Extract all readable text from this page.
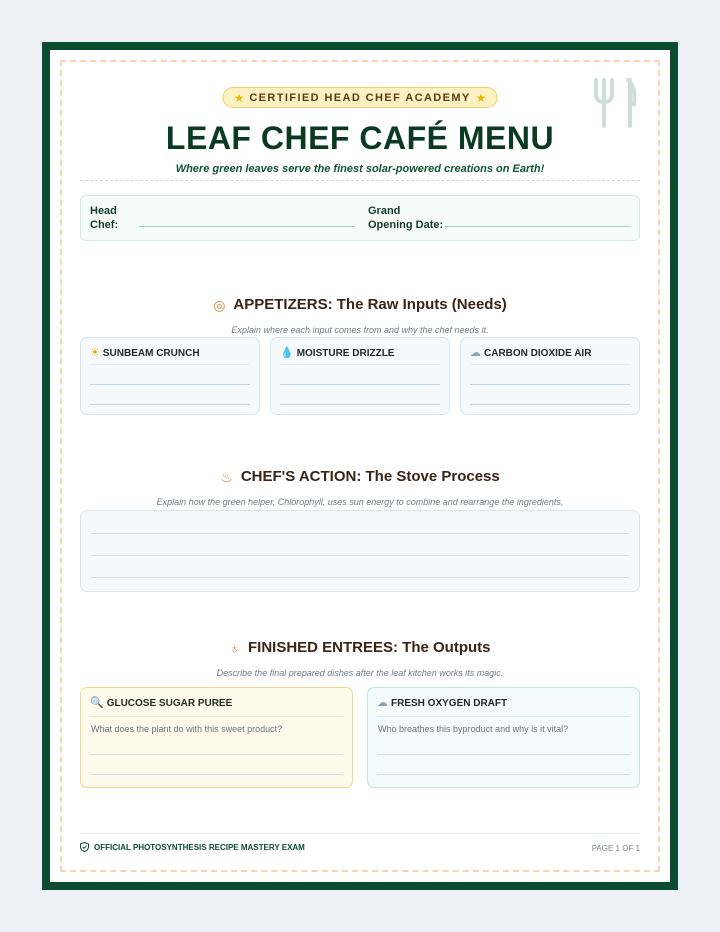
★ CERTIFIED HEAD CHEF ACADEMY ★
LEAF CHEF CAFÉ MENU
Where green leaves serve the finest solar-powered creations on Earth!
Head
Chef:
Grand
Opening Date:
◎ APPETIZERS: The Raw Inputs (Needs)
Explain where each input comes from and why the chef needs it.
☀ SUNBEAM CRUNCH	💧 MOISTURE DRIZZLE	☁ CARBON DIOXIDE AIR
♨ CHEF'S ACTION: The Stove Process
Explain how the green helper, Chlorophyll, uses sun energy to combine and rearrange the ingredients.
♁ FINISHED ENTREES: The Outputs
Describe the final prepared dishes after the leaf kitchen works its magic.
🔍 GLUCOSE SUGAR PUREE
What does the plant do with this sweet product?
☁ FRESH OXYGEN DRAFT
Who breathes this byproduct and why is it vital?
OFFICIAL PHOTOSYNTHESIS RECIPE MASTERY EXAM	PAGE 1 OF 1
